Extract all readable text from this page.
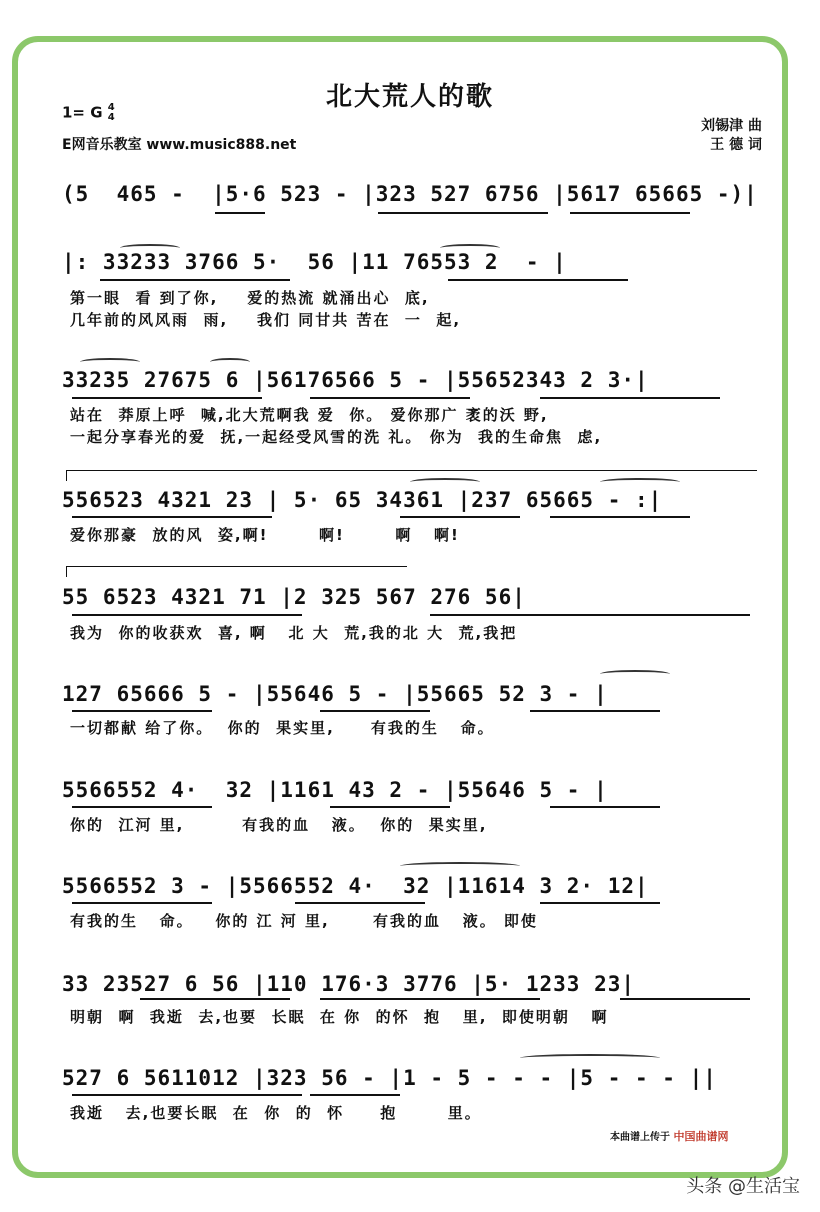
北大荒人的歌
1= G 4
4
E网音乐教室 www.music888.net
刘锡津 曲
王 德 词
(5  465 -  |5·6 523 - |323 527 6756 |5617 65665 -)|
|: 33233 3766 5·  56 |11 76553 2  - |
第一眼  看 到了你,    爱的热流 就涌出心  底,
几年前的风风雨  雨,    我们 同甘共 苦在  一  起,
33235 27675 6 |56176566 5 - |55652343 2 3·|
站在  莽原上呼  喊,北大荒啊我 爱  你。 爱你那广 袤的沃 野,
一起分享春光的爱  抚,一起经受风雪的洗 礼。 你为  我的生命焦  虑,
556523 4321 23 | 5· 65 34361 |237 65665 - :|
爱你那豪  放的风  姿,啊!       啊!       啊   啊!
55 6523 4321 71 |2 325 567 276 56|
我为  你的收获欢  喜, 啊   北 大  荒,我的北 大  荒,我把
127 65666 5 - |55646 5 - |55665 52 3 - |
一切都献 给了你。  你的  果实里,     有我的生   命。
5566552 4·  32 |1161 43 2 - |55646 5 - |
你的  江河 里,        有我的血   液。  你的  果实里,
5566552 3 - |5566552 4·  32 |11614 3 2· 12|
有我的生   命。   你的 江 河 里,      有我的血   液。 即使
33 23527 6 56 |110 176·3 3776 |5· 1233 23|
明朝  啊  我逝  去,也要  长眠  在 你  的怀  抱   里,  即使明朝   啊
527 6 5611012 |323 56 - |1 - 5 - - - |5 - - - ||
我逝   去,也要长眠  在  你  的  怀     抱       里。
本曲谱上传于 中国曲谱网
头条 @生活宝
